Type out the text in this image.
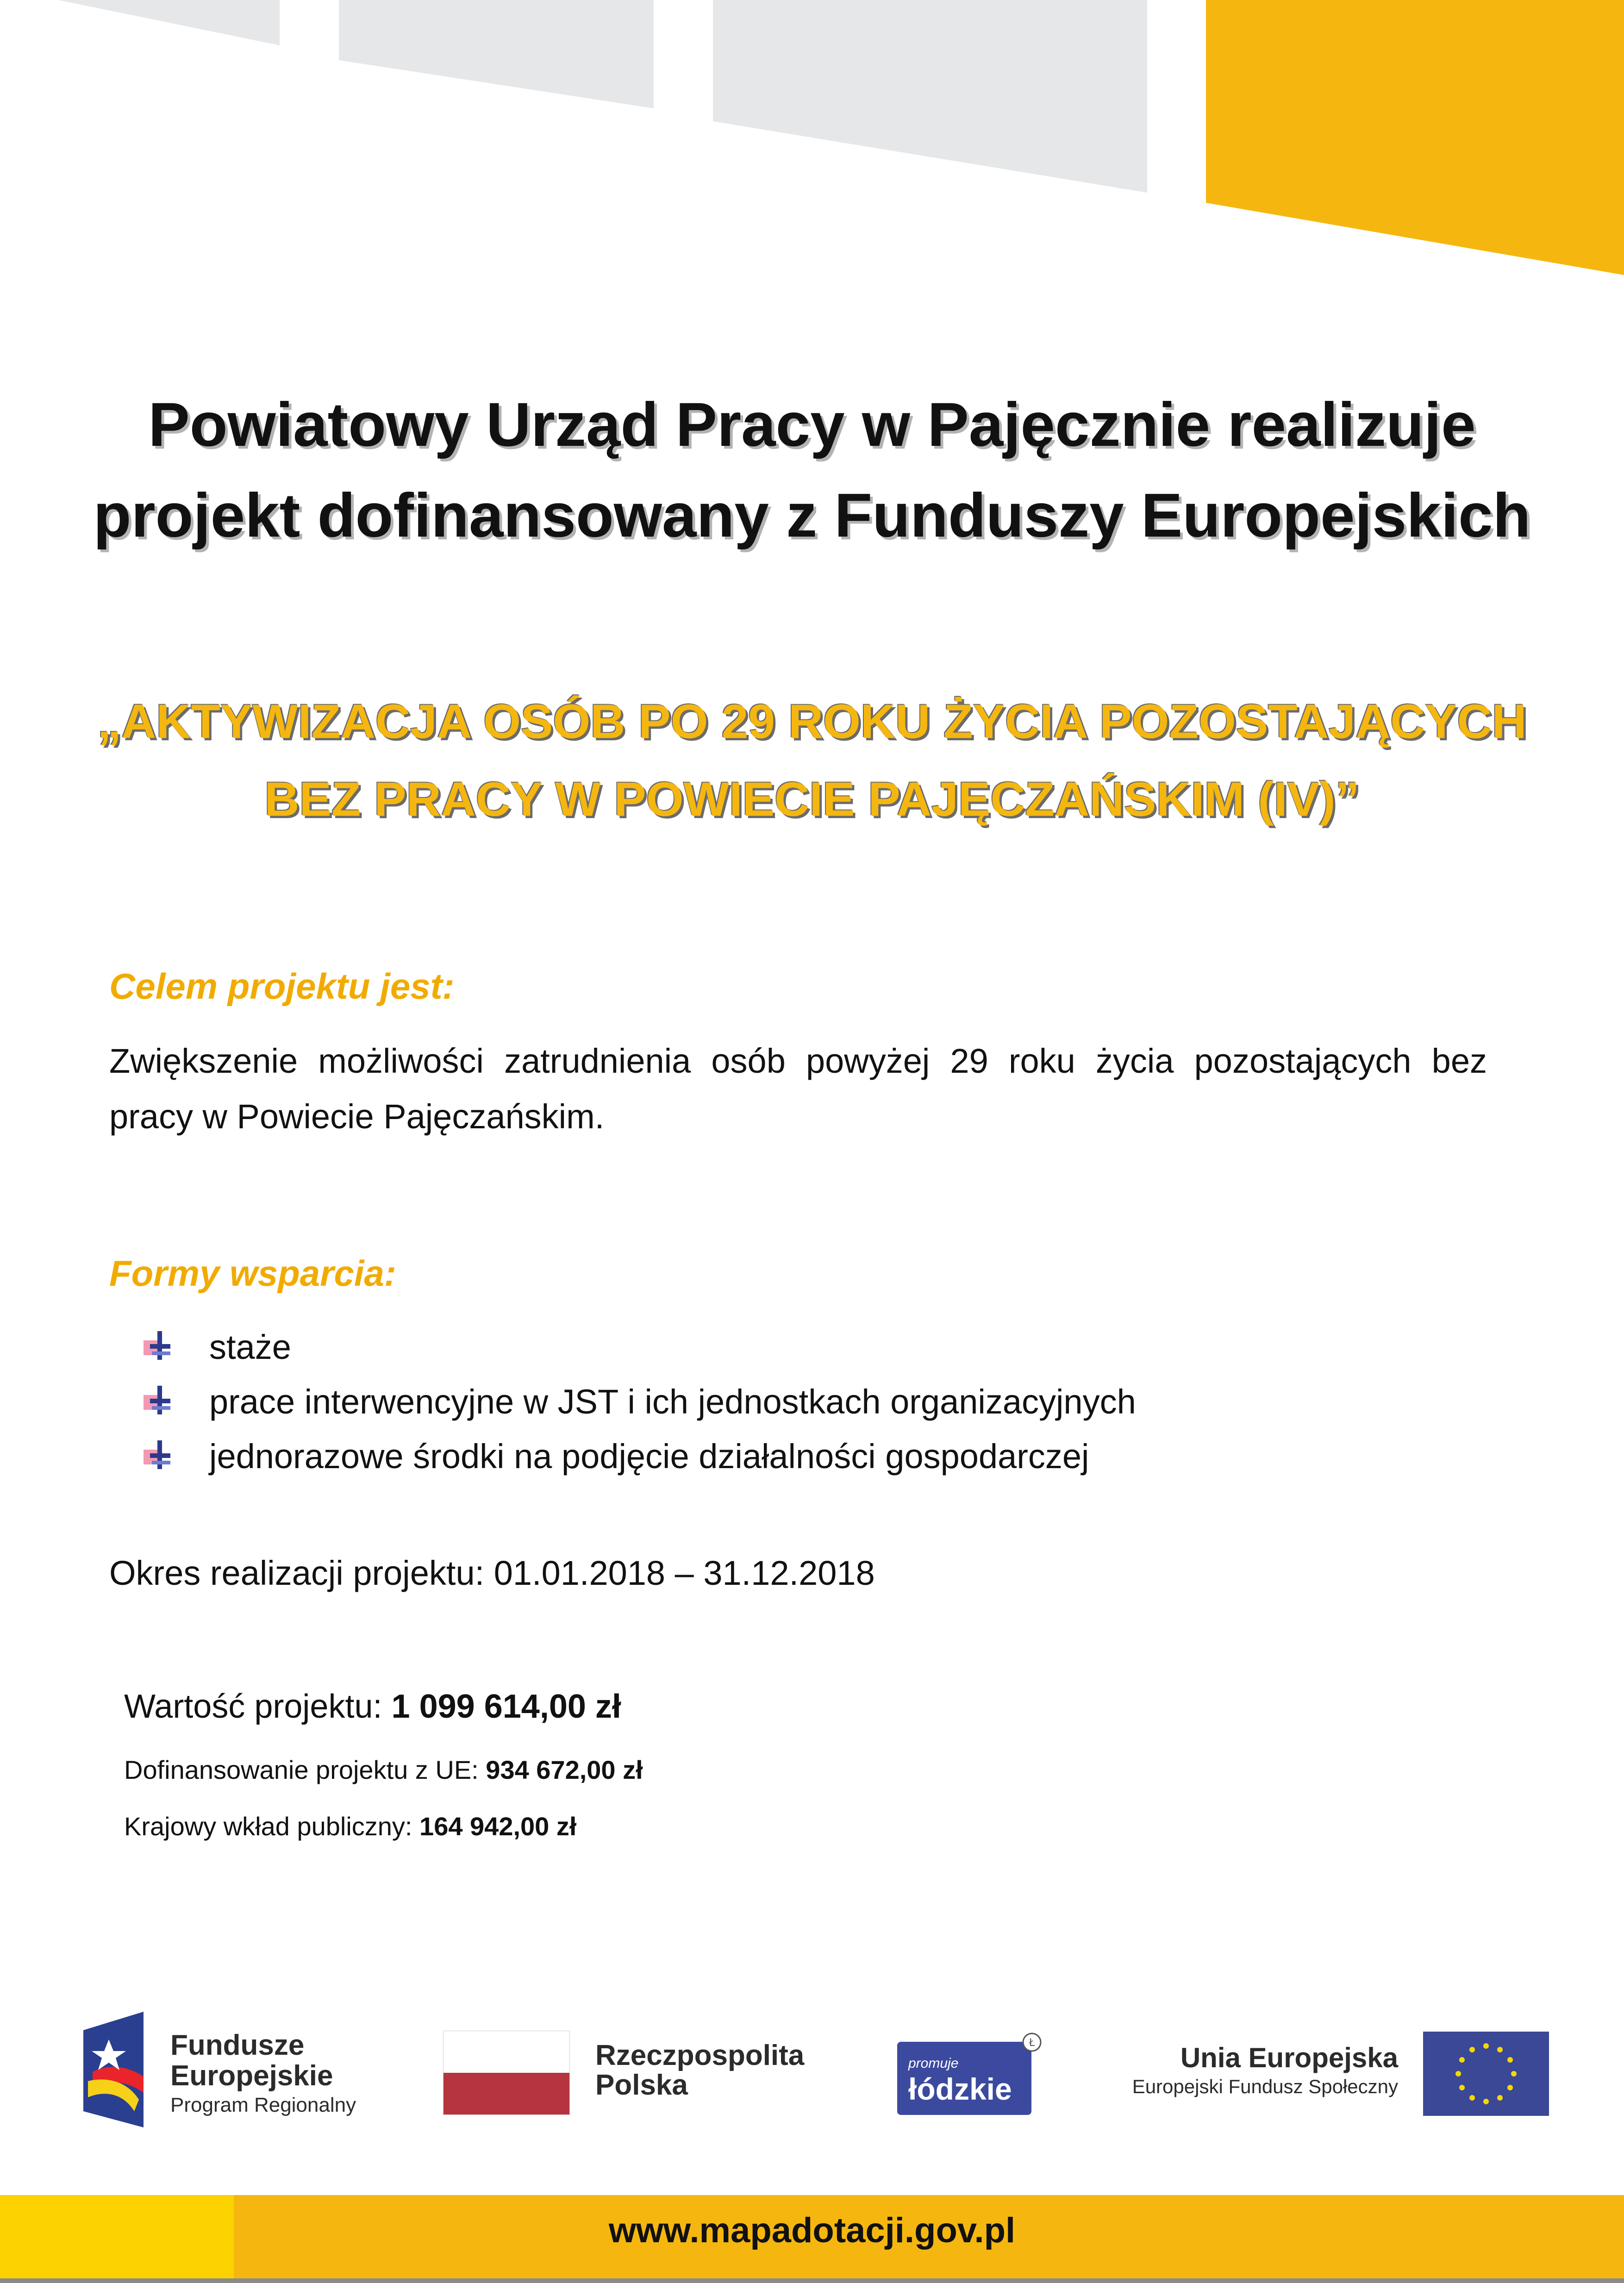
Powiatowy Urząd Pracy w Pajęcznie realizuje
projekt dofinansowany z Funduszy Europejskich
„AKTYWIZACJA OSÓB PO 29 ROKU ŻYCIA POZOSTAJĄCYCH
BEZ PRACY W POWIECIE PAJĘCZAŃSKIM (IV)”
Celem projektu jest:
Zwiększenie możliwości zatrudnienia osób powyżej 29 roku życia pozostających bez
pracy w Powiecie Pajęczańskim.
Formy wsparcia:
staże
prace interwencyjne w JST i ich jednostkach organizacyjnych
jednorazowe środki na podjęcie działalności gospodarczej
Okres realizacji projektu: 01.01.2018 – 31.12.2018
Wartość projektu: 1 099 614,00 zł
Dofinansowanie projektu z UE: 934 672,00 zł
Krajowy wkład publiczny: 164 942,00 zł
Fundusze
Europejskie
Program Regionalny
Rzeczpospolita
Polska
promuje
łódzkie
Ł	Unia Europejska
Europejski Fundusz Społeczny
www.mapadotacji.gov.pl
